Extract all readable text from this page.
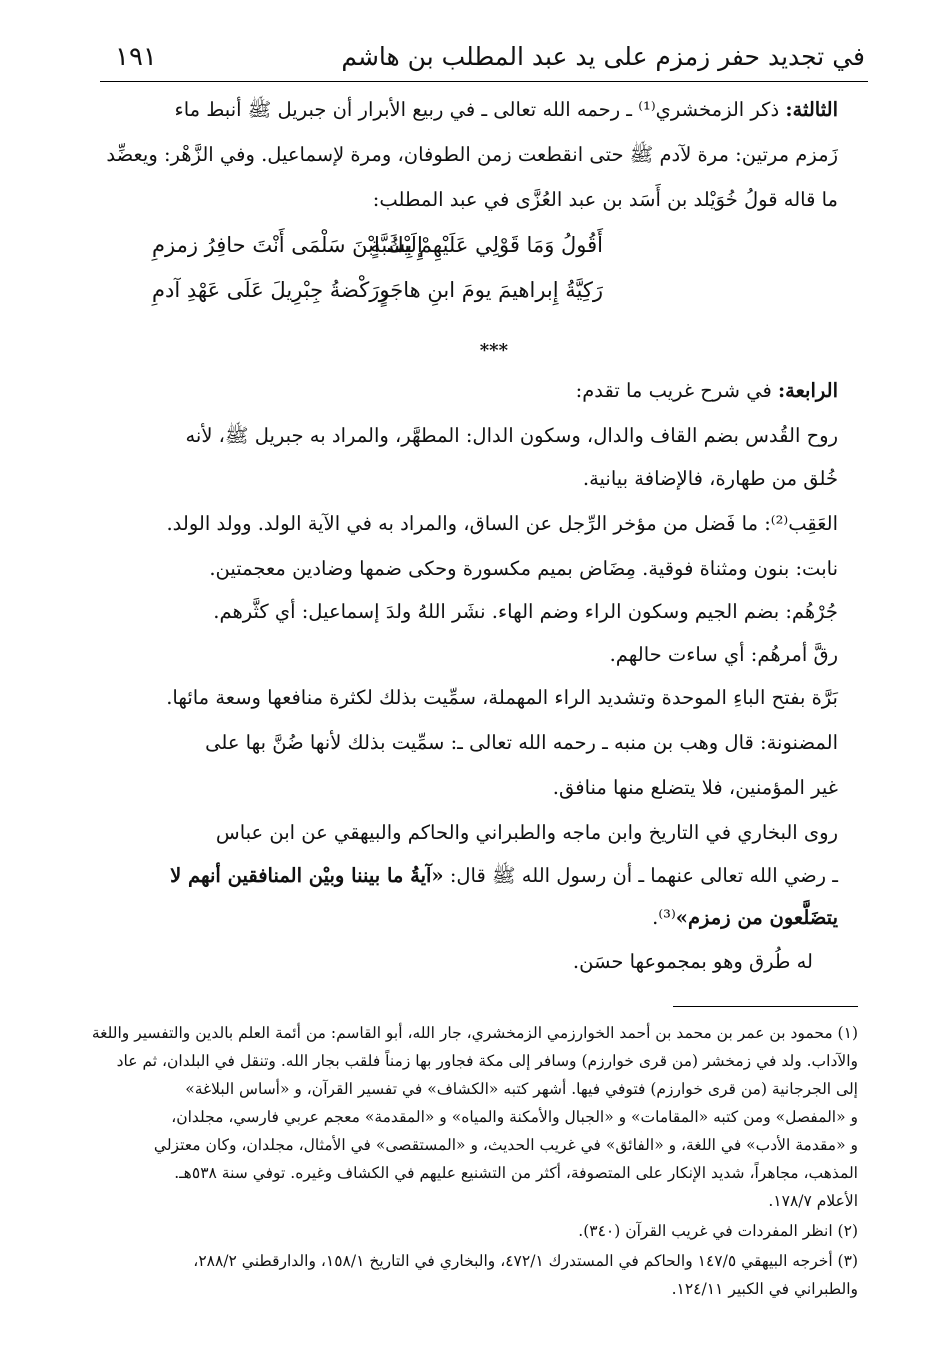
في تجديد حفر زمزم على يد عبد المطلب بن هاشم
١٩١
الثالثة: ذكر الزمخشري⁽¹⁾ ـ رحمه الله تعالى ـ في ربيع الأبرار أن جبريل ﷺ أنبط ماء
زَمزم مرتين: مرة لآدم ﷺ حتى انقطعت زمن الطوفان، ومرة لإسماعيل. وفي الزَّهْر: ويعضِّد
ما قاله قولُ خُوَيْلد بن أَسَد بن عبد العُزَّى في عبد المطلب:
***
الرابعة: في شرح غريب ما تقدم:
روح القُدس بضم القاف والدال، وسكون الدال: المطهَّر، والمراد به جبريل ﷺ، لأنه
خُلق من طهارة، فالإضافة بيانية.
العَقِب⁽²⁾: ما فَضل من مؤخر الرِّجل عن الساق، والمراد به في الآية الولد. وولد الولد.
نابت: بنون ومثناة فوقية. مِضَاض بميم مكسورة وحكى ضمها وضادين معجمتين.
جُرْهُم: بضم الجيم وسكون الراء وضم الهاء. نشَر اللهُ ولدَ إسماعيل: أي كثَّرهم.
رقَّ أمرهُم: أي ساءت حالهم.
بَرَّة بفتح الباءِ الموحدة وتشديد الراء المهملة، سمِّيت بذلك لكثرة منافعها وسعة مائها.
المضنونة: قال وهب بن منبه ـ رحمه الله تعالى ـ: سمِّيت بذلك لأنها ضُنَّ بها على
غير المؤمنين، فلا يتضلع منها منافق.
روى البخاري في التاريخ وابن ماجه والطبراني والحاكم والبيهقي عن ابن عباس
ـ رضي الله تعالى عنهما ـ أن رسول الله ﷺ قال: «آيةُ ما بيننا وبيْن المنافقين أنهم لا
يتضَلَّعون من زمزم»⁽³⁾.
له طُرق وهو بمجموعها حسَن.
أَقُولُ وَمَا قَوْلِي عَلَيْهِمْ بِسُبَّةٍ
إِلَيْكَ ابْنَ سَلْمَى أَنْتَ حافِرُ زمزمِ
رَكِيَّةُ إِبراهيمَ يومَ ابنِ هاجَرٍ
ورَكْضةُ جِبْرِيلَ عَلَى عَهْدِ آدمِ
(١) محمود بن عمر بن محمد بن أحمد الخوارزمي الزمخشري، جار الله، أبو القاسم: من أئمة العلم بالدين والتفسير واللغة
والآداب. ولد في زمخشر (من قرى خوارزم) وسافر إلى مكة فجاور بها زمناً فلقب بجار الله. وتنقل في البلدان، ثم عاد
إلى الجرجانية (من قرى خوارزم) فتوفي فيها. أشهر كتبه «الكشاف» في تفسير القرآن، و «أساس البلاغة»
و «المفصل» ومن كتبه «المقامات» و «الجبال والأمكنة والمياه» و «المقدمة» معجم عربي فارسي، مجلدان،
و «مقدمة الأدب» في اللغة، و «الفائق» في غريب الحديث، و «المستقصى» في الأمثال، مجلدان، وكان معتزلي
المذهب، مجاهراً، شديد الإنكار على المتصوفة، أكثر من التشنيع عليهم في الكشاف وغيره. توفي سنة ٥٣٨هـ.
الأعلام ١٧٨/٧.
(٢) انظر المفردات في غريب القرآن (٣٤٠).
(٣) أخرجه البيهقي ١٤٧/٥ والحاكم في المستدرك ٤٧٢/١، والبخاري في التاريخ ١٥٨/١، والدارقطني ٢٨٨/٢،
والطبراني في الكبير ١٢٤/١١.
